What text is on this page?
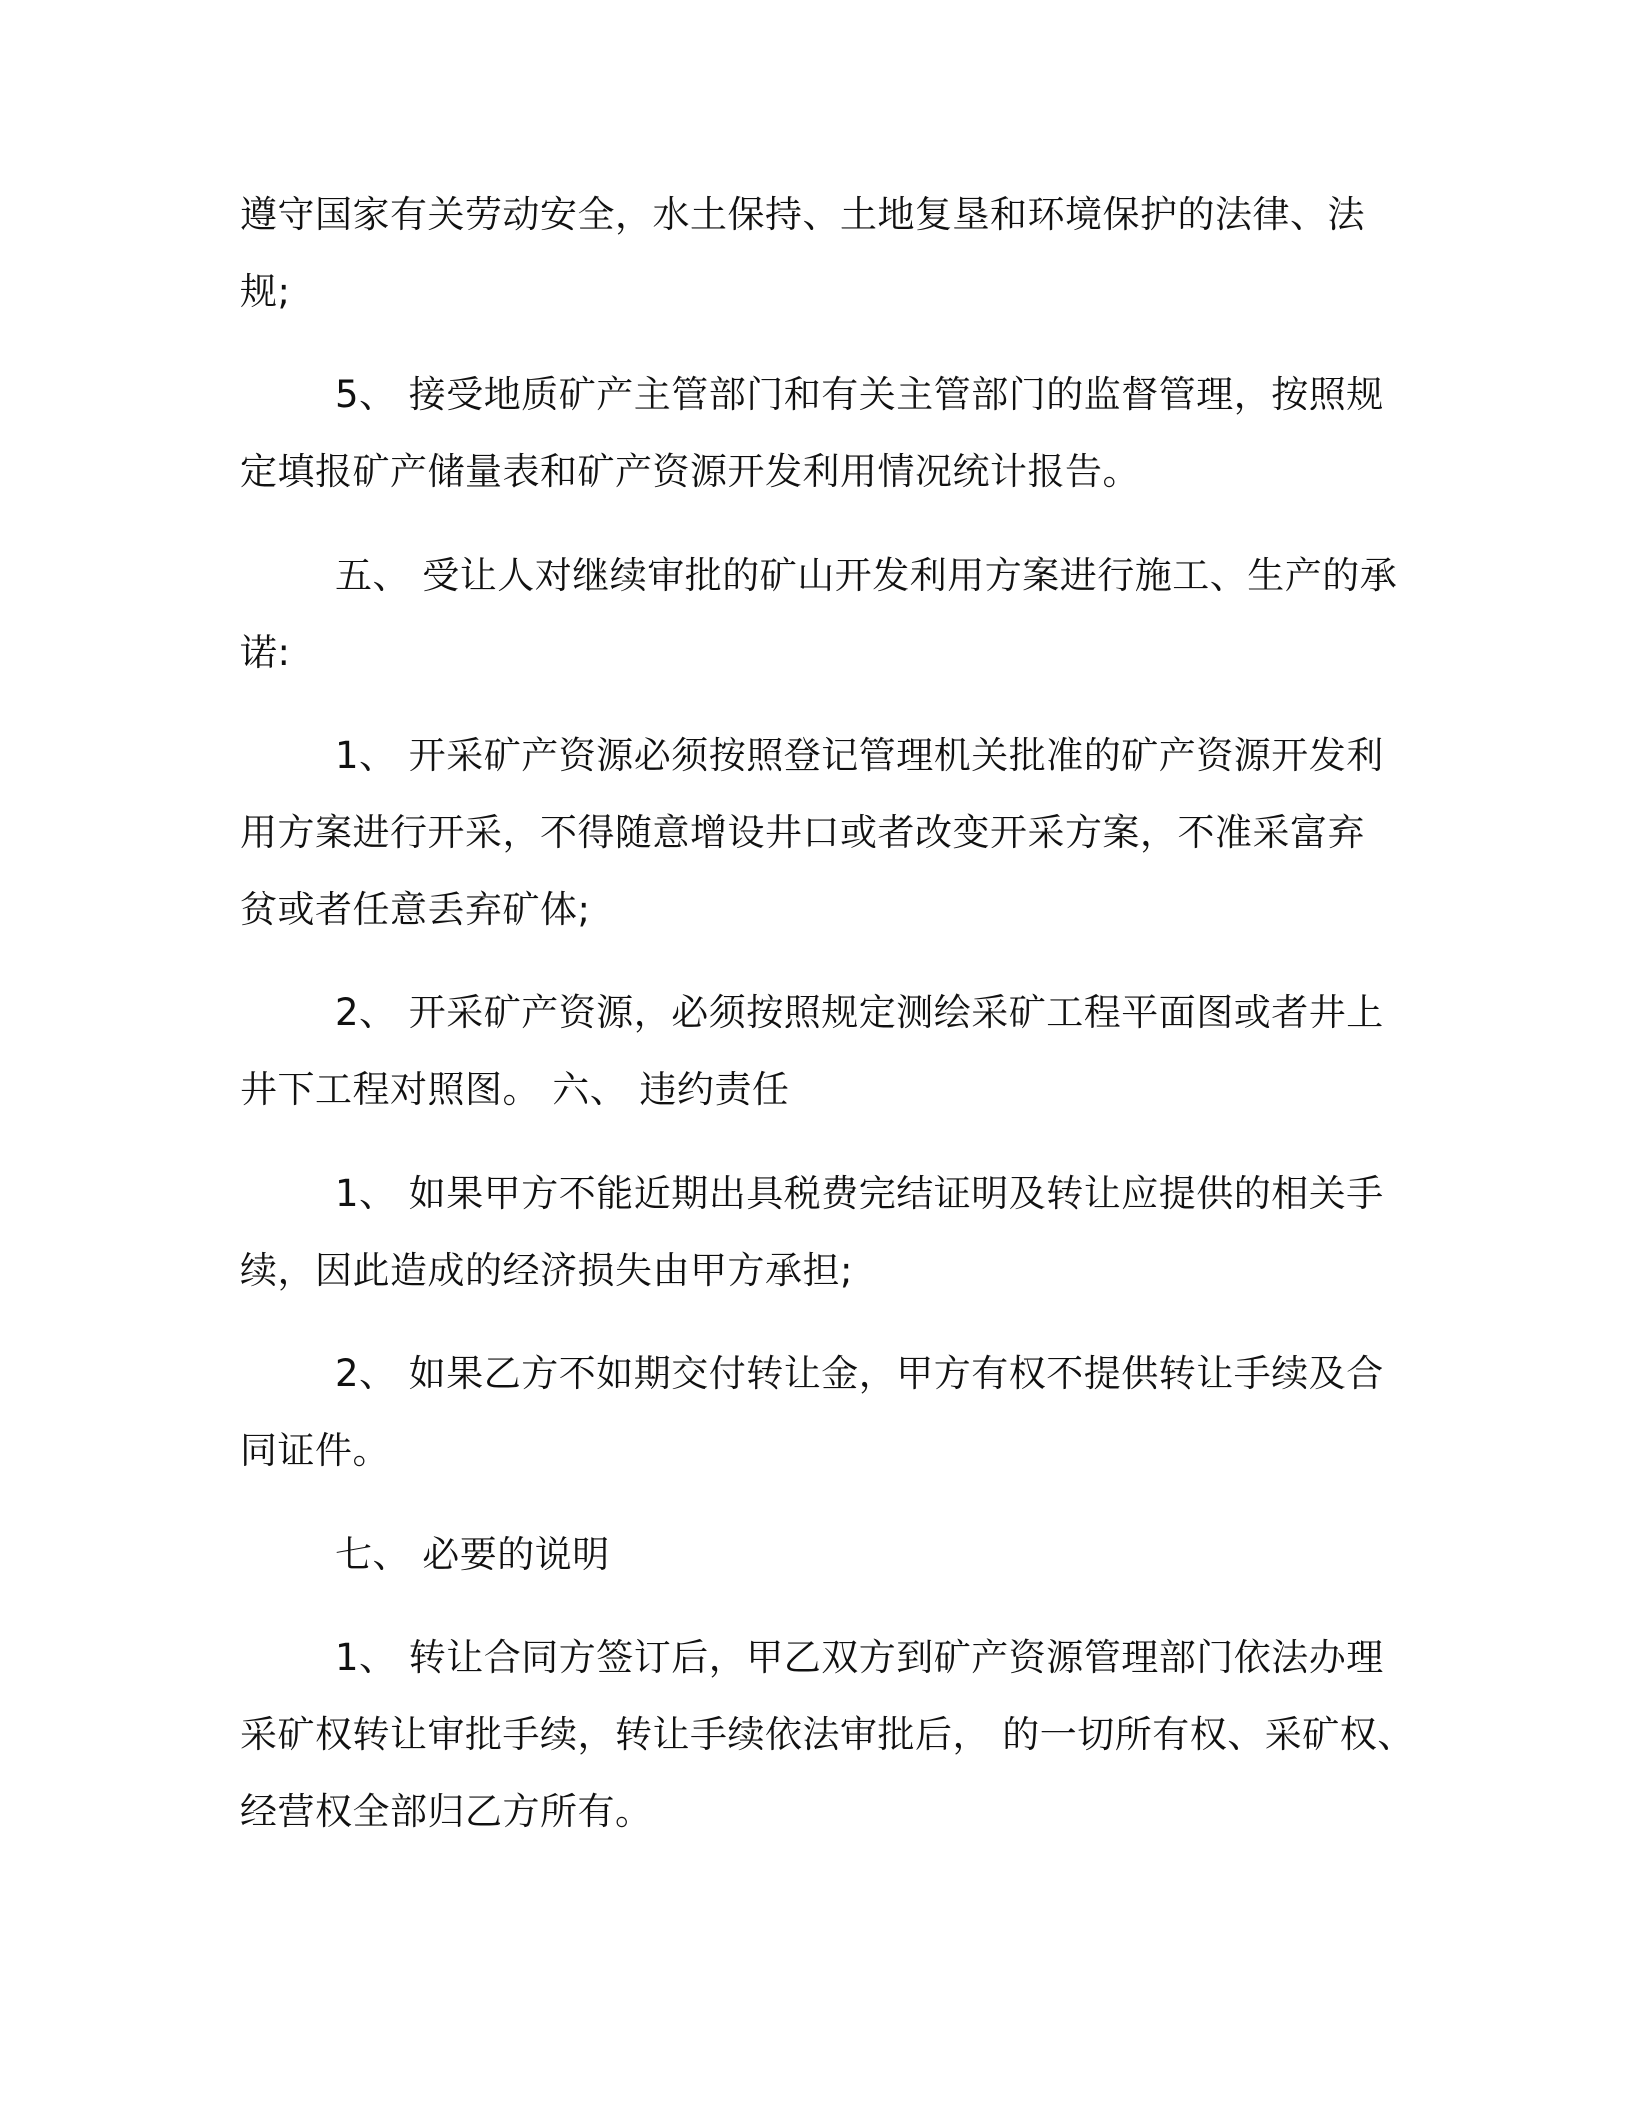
遵守国家有关劳动安全，水土保持、土地复垦和环境保护的法律、法
规;
5、 接受地质矿产主管部门和有关主管部门的监督管理，按照规
定填报矿产储量表和矿产资源开发利用情况统计报告。
五、 受让人对继续审批的矿山开发利用方案进行施工、生产的承
诺:
1、 开采矿产资源必须按照登记管理机关批准的矿产资源开发利
用方案进行开采，不得随意增设井口或者改变开采方案，不准采富弃
贫或者任意丢弃矿体;
2、 开采矿产资源，必须按照规定测绘采矿工程平面图或者井上
井下工程对照图。 六、 违约责任
1、 如果甲方不能近期出具税费完结证明及转让应提供的相关手
续，因此造成的经济损失由甲方承担;
2、 如果乙方不如期交付转让金，甲方有权不提供转让手续及合
同证件。
七、 必要的说明
1、 转让合同方签订后，甲乙双方到矿产资源管理部门依法办理
采矿权转让审批手续，转让手续依法审批后， 的一切所有权、采矿权、
经营权全部归乙方所有。
